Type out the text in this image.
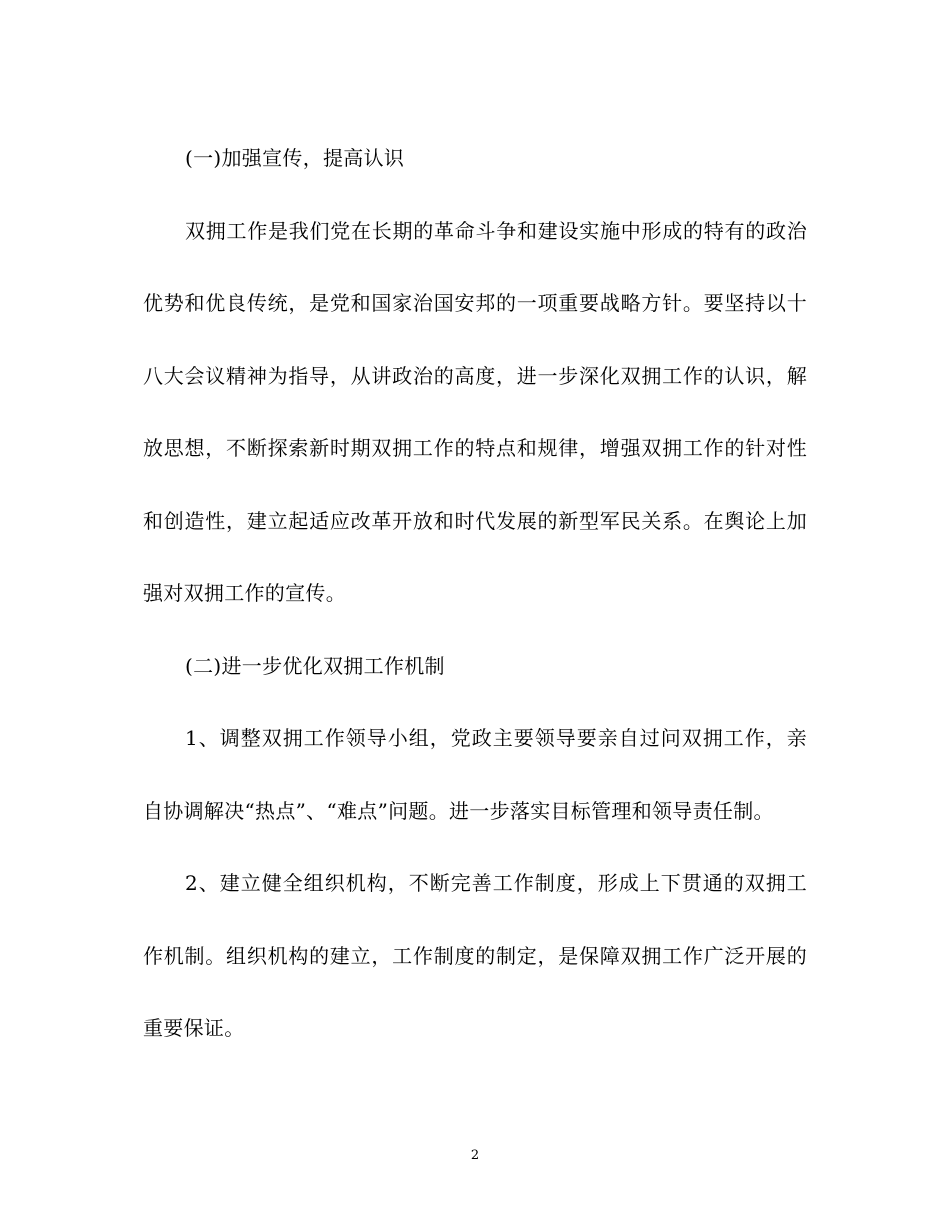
(一)加强宣传，提高认识

双拥工作是我们党在长期的革命斗争和建设实施中形成的特有的政治优势和优良传统，是党和国家治国安邦的一项重要战略方针。要坚持以十八大会议精神为指导，从讲政治的高度，进一步深化双拥工作的认识，解放思想，不断探索新时期双拥工作的特点和规律，增强双拥工作的针对性和创造性，建立起适应改革开放和时代发展的新型军民关系。在舆论上加强对双拥工作的宣传。

(二)进一步优化双拥工作机制

1、调整双拥工作领导小组，党政主要领导要亲自过问双拥工作，亲自协调解决“热点”、“难点”问题。进一步落实目标管理和领导责任制。

2、建立健全组织机构，不断完善工作制度，形成上下贯通的双拥工作机制。组织机构的建立，工作制度的制定，是保障双拥工作广泛开展的重要保证。

2
